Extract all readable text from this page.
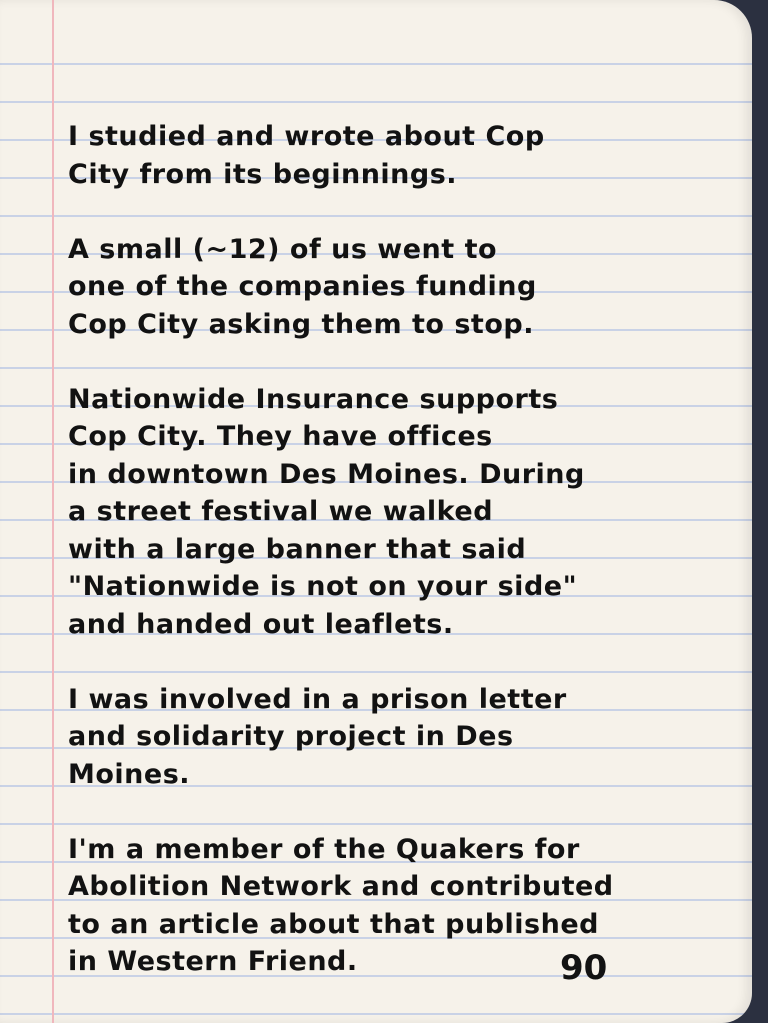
I studied and wrote about Cop
City from its beginnings.

A small (~12) of us went to
one of the companies funding
Cop City asking them to stop.

Nationwide Insurance supports
Cop City. They have offices
in downtown Des Moines. During
a street festival we walked
with a large banner that said
"Nationwide is not on your side"
and handed out leaflets.

I was involved in a prison letter
and solidarity project in Des
Moines.

I'm a member of the Quakers for
Abolition Network and contributed
to an article about that published
in Western Friend.	90
